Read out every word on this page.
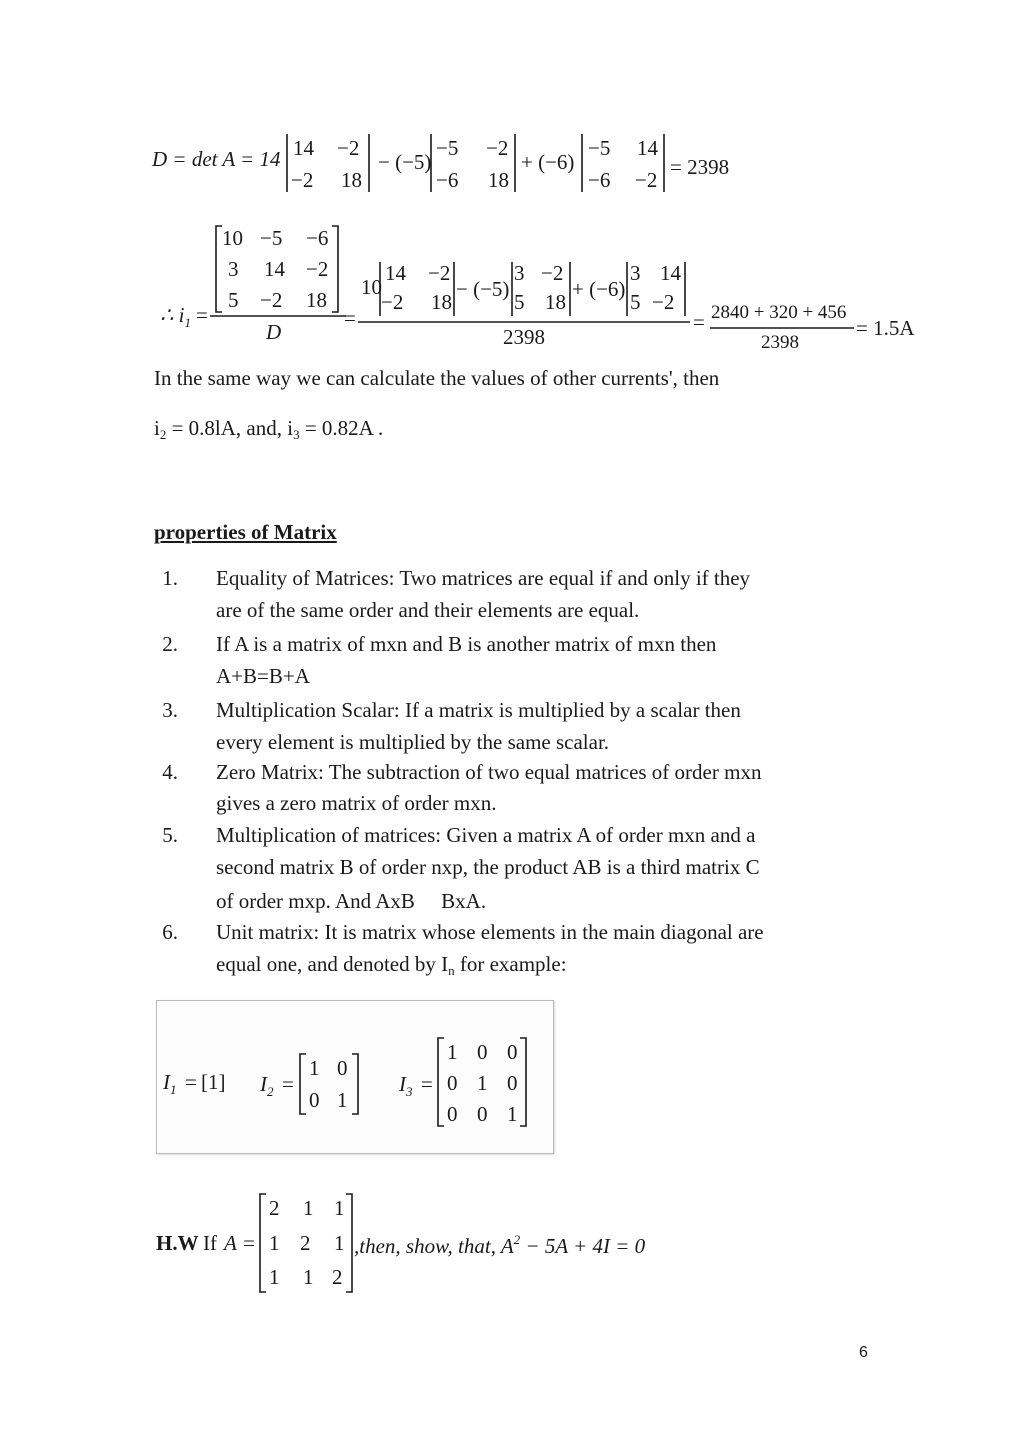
D = det A = 14 14 −2
−2 18
− (−5)
−5 −2
−6 18
+ (−6)
−5 14
−6 −2
= 2398
∴ $i_1$ =
10 −5 −6
3 14 −2
5 −2 18
D
=
10
14 −2
−2 18
− (−5)
3 −2
5 18
+ (−6)
3 14
5 −2
2398
= 2840 + 320 + 456
2398
= 1.5A
In the same way we can calculate the values of other currents', then
i2 = 0.8lA, and, i3 = 0.82A .
properties of Matrix
1. Equality of Matrices: Two matrices are equal if and only if they
are of the same order and their elements are equal.
2. If A is a matrix of mxn and B is another matrix of mxn then
A+B=B+A
3. Multiplication Scalar: If a matrix is multiplied by a scalar then
every element is multiplied by the same scalar.
4. Zero Matrix: The subtraction of two equal matrices of order mxn
gives a zero matrix of order mxn.
5. Multiplication of matrices: Given a matrix A of order mxn and a
second matrix B of order nxp, the product AB is a third matrix C
of order mxp. And AxB     BxA.
6. Unit matrix: It is matrix whose elements in the main diagonal are
equal one, and denoted by In for example:
$I_1 = [1] I_2$ =
1 0
0 1
$I_3$ =
1 0 0
0 1 0
0 0 1
H.W If A =
2 1 1
1 2 1
1 1 2
,then, show, that, $A^2 - 5A + 4I = 0$
6
